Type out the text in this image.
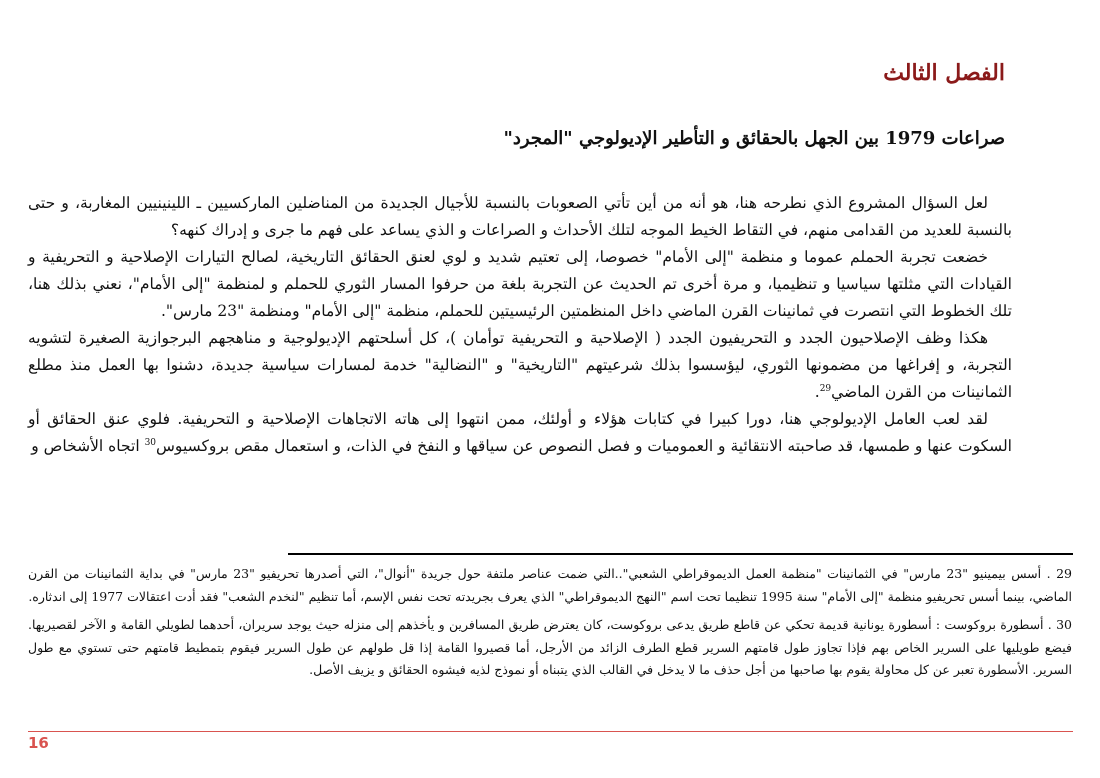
الفصل الثالث
صراعات 1979 بين الجهل بالحقائق و التأطير الإديولوجي "المجرد"

لعل السؤال المشروع الذي نطرحه هنا، هو أنه من أين تأتي الصعوبات بالنسبة للأجيال الجديدة من المناضلين الماركسيين ـ اللينينيين المغاربة، و حتى بالنسبة للعديد من القدامى منهم، في التقاط الخيط الموجه لتلك الأحداث و الصراعات و الذي يساعد على فهم ما جرى و إدراك كنهه؟

خضعت تجربة الحملم عموما و منظمة "إلى الأمام" خصوصا، إلى تعتيم شديد و لوي لعنق الحقائق التاريخية، لصالح التيارات الإصلاحية و التحريفية و القيادات التي مثلتها سياسيا و تنظيميا، و مرة أخرى تم الحديث عن التجربة بلغة من حرفوا المسار الثوري للحملم و لمنظمة "إلى الأمام"، نعني بذلك هنا، تلك الخطوط التي انتصرت في ثمانينات القرن الماضي داخل المنظمتين الرئيسيتين للحملم، منظمة "إلى الأمام" ومنظمة "23 مارس".

هكذا وظف الإصلاحيون الجدد و التحريفيون الجدد ( الإصلاحية و التحريفية توأمان )، كل أسلحتهم الإديولوجية و مناهجهم البرجوازية الصغيرة لتشويه التجربة، و إفراغها من مضمونها الثوري، ليؤسسوا بذلك شرعيتهم "التاريخية" و "النضالية" خدمة لمسارات سياسية جديدة، دشنوا بها العمل منذ مطلع الثمانينات من القرن الماضي$^{29}$.

لقد لعب العامل الإديولوجي هنا، دورا كبيرا في كتابات هؤلاء و أولئك، ممن انتهوا إلى هاته الاتجاهات الإصلاحية و التحريفية. فلوي عنق الحقائق أو السكوت عنها و طمسها، قد صاحبته الانتقائية و العموميات و فصل النصوص عن سياقها و النفخ في الذات، و استعمال مقص بروكسيوس$^{30}$ اتجاه الأشخاص و

29 . أسس بيمينيو "23 مارس" في الثمانينات "منظمة العمل الديموقراطي الشعبي"..التي ضمت عناصر ملتفة حول جريدة "أنوال"، التي أصدرها تحريفيو "23 مارس" في بداية الثمانينات من القرن الماضي، بينما أسس تحريفيو منظمة "إلى الأمام" سنة 1995 تنظيما تحت اسم "النهج الديموقراطي" الذي يعرف بجريدته تحت نفس الإسم، أما تنظيم "لنخدم الشعب" فقد أدت اعتقالات 1977 إلى اندثاره.

30 . أسطورة بروكوست : أسطورة يونانية قديمة تحكي عن قاطع طريق يدعى بروكوست، كان يعترض طريق المسافرين و يأخذهم إلى منزله حيث يوجد سريران، أحدهما لطويلي القامة و الآخر لقصيريها. فيضع طويليها على السرير الخاص بهم فإذا تجاوز طول قامتهم السرير قطع الطرف الزائد من الأرجل، أما قصيروا القامة إذا قل طولهم عن طول السرير فيقوم بتمطيط قامتهم حتى تستوي مع طول السرير. الأسطورة تعبر عن كل محاولة يقوم بها صاحبها من أجل حذف ما لا يدخل في القالب الذي يتبناه أو نموذج لذيه فيشوه الحقائق و يزيف الأصل.

16
